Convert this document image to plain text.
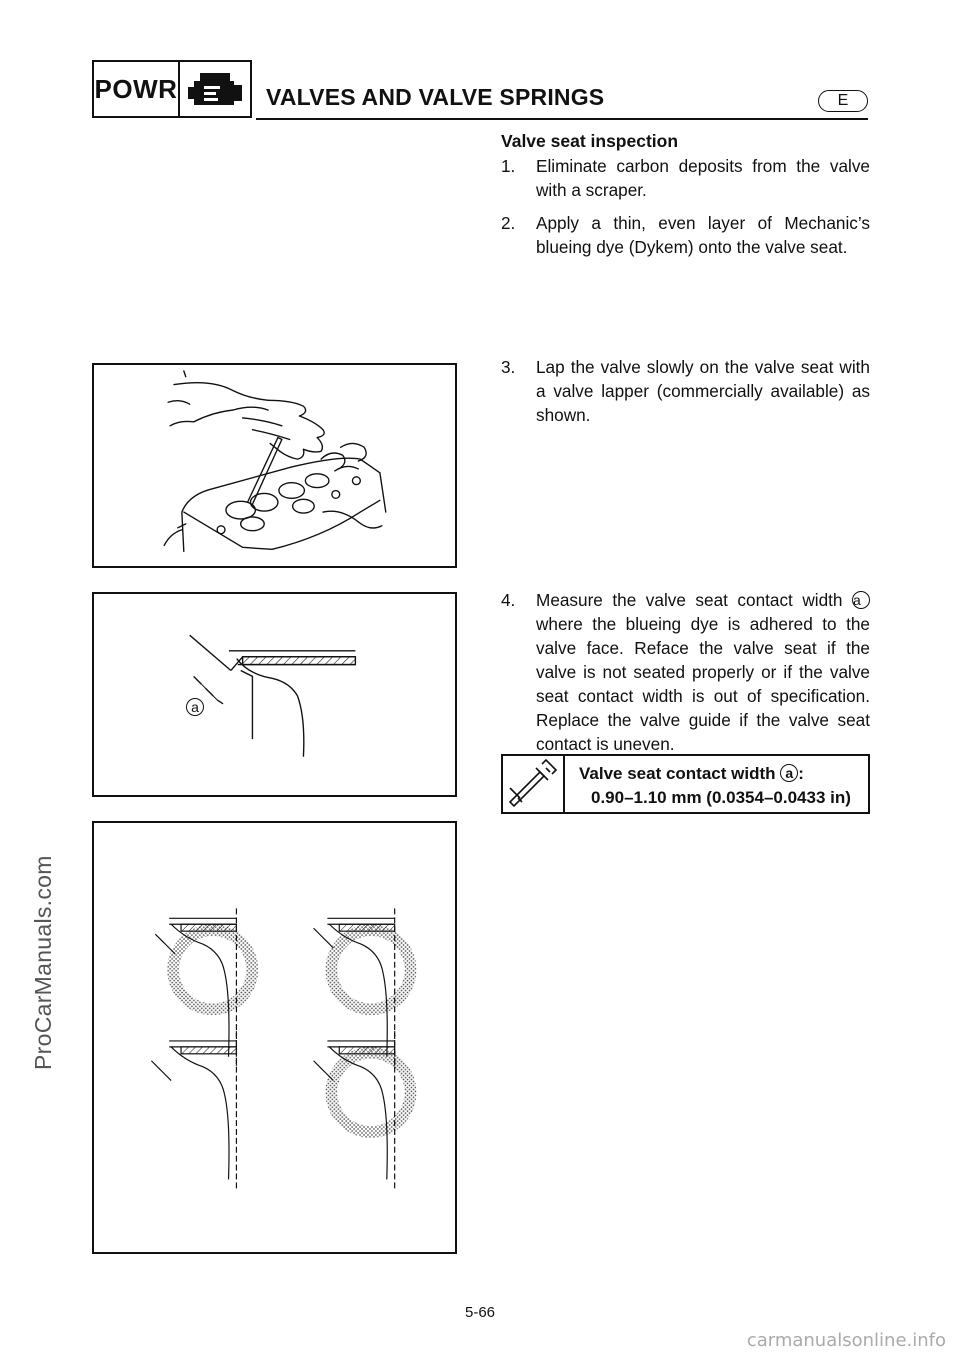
POWR	VALVES AND VALVE SPRINGS	E
Valve seat inspection
1.	Eliminate carbon deposits from the valve with a scraper.
2.	Apply a thin, even layer of Mechanic’s blueing dye (Dykem) onto the valve seat.
3.	Lap the valve slowly on the valve seat with a valve lapper (commercially available) as shown.
4.	Measure the valve seat contact width a where the blueing dye is adhered to the valve face. Reface the valve seat if the valve is not seated properly or if the valve seat contact width is out of specification. Replace the valve guide if the valve seat contact is uneven.
Valve seat contact width a :
0.90–1.10 mm (0.0354–0.0433 in)
a
5-66
ProCarManuals.com
carmanualsonline.info
